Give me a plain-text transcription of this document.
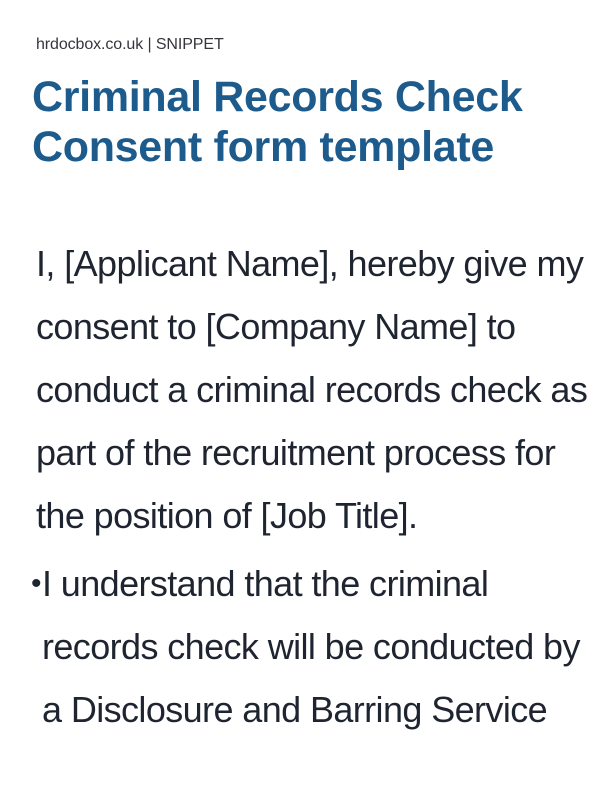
hrdocbox.co.uk | SNIPPET
Criminal Records Check
Consent form template

I, [Applicant Name], hereby give my
consent to [Company Name] to
conduct a criminal records check as
part of the recruitment process for
the position of [Job Title].

• I understand that the criminal
records check will be conducted by
a Disclosure and Barring Service
